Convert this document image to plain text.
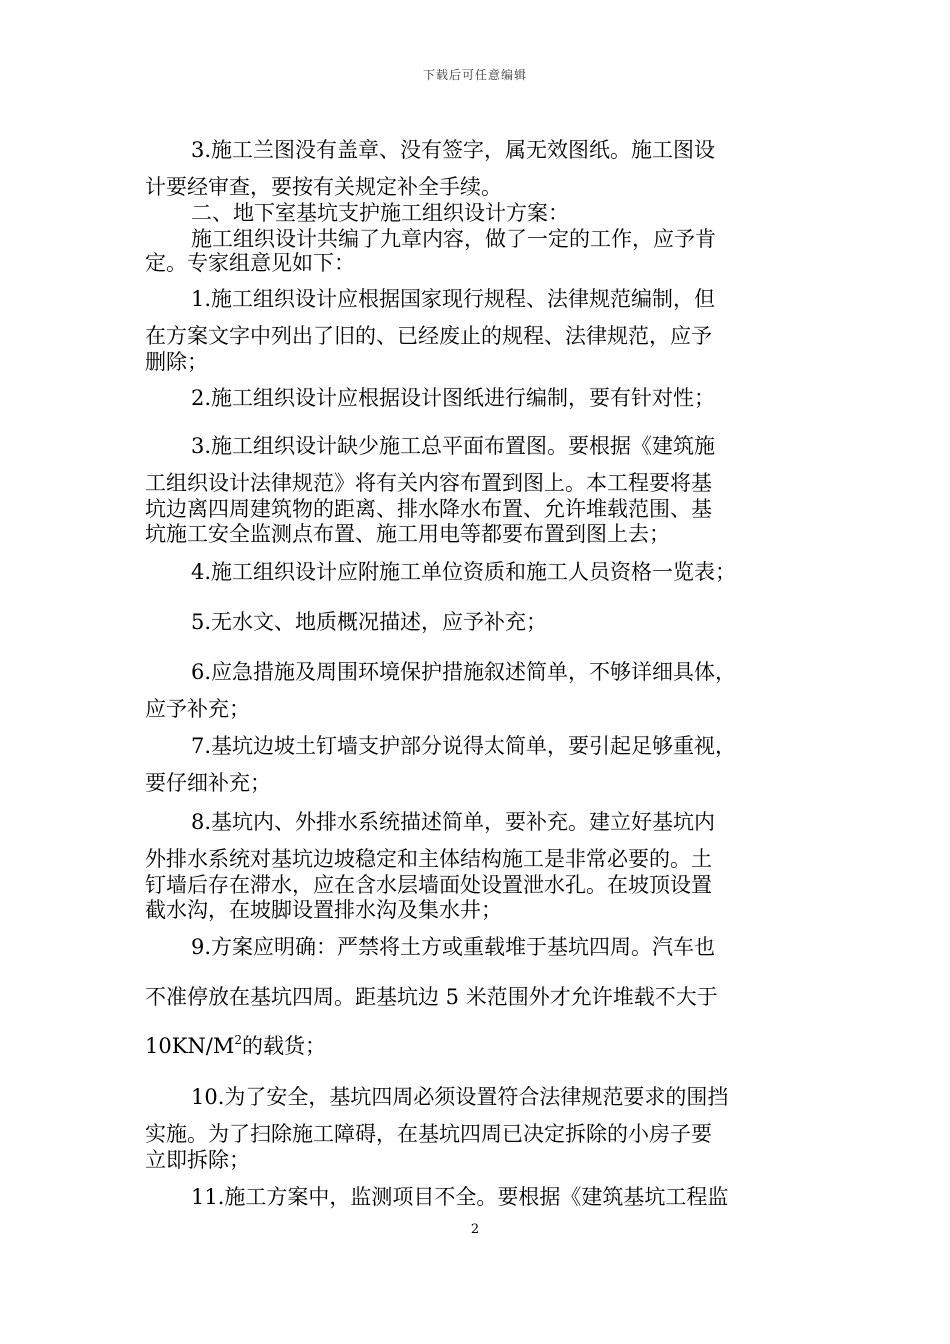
下载后可任意编辑
3.施工兰图没有盖章、没有签字，属无效图纸。施工图设
计要经审查，要按有关规定补全手续。
二、地下室基坑支护施工组织设计方案：
施工组织设计共编了九章内容，做了一定的工作，应予肯
定。专家组意见如下：
1.施工组织设计应根据国家现行规程、法律规范编制，但
在方案文字中列出了旧的、已经废止的规程、法律规范，应予
删除；
2.施工组织设计应根据设计图纸进行编制，要有针对性；
3.施工组织设计缺少施工总平面布置图。要根据《建筑施
工组织设计法律规范》将有关内容布置到图上。本工程要将基
坑边离四周建筑物的距离、排水降水布置、允许堆载范围、基
坑施工安全监测点布置、施工用电等都要布置到图上去；
4.施工组织设计应附施工单位资质和施工人员资格一览表；
5.无水文、地质概况描述，应予补充；
6.应急措施及周围环境保护措施叙述简单，不够详细具体，
应予补充；
7.基坑边坡土钉墙支护部分说得太简单，要引起足够重视，
要仔细补充；
8.基坑内、外排水系统描述简单，要补充。建立好基坑内
外排水系统对基坑边坡稳定和主体结构施工是非常必要的。土
钉墙后存在滞水，应在含水层墙面处设置泄水孔。在坡顶设置
截水沟，在坡脚设置排水沟及集水井；
9.方案应明确：严禁将土方或重载堆于基坑四周。汽车也
不准停放在基坑四周。距基坑边 5 米范围外才允许堆载不大于
$10KN/M^2$的载货；
10.为了安全，基坑四周必须设置符合法律规范要求的围挡
实施。为了扫除施工障碍，在基坑四周已决定拆除的小房子要
立即拆除；
11.施工方案中，监测项目不全。要根据《建筑基坑工程监
2
